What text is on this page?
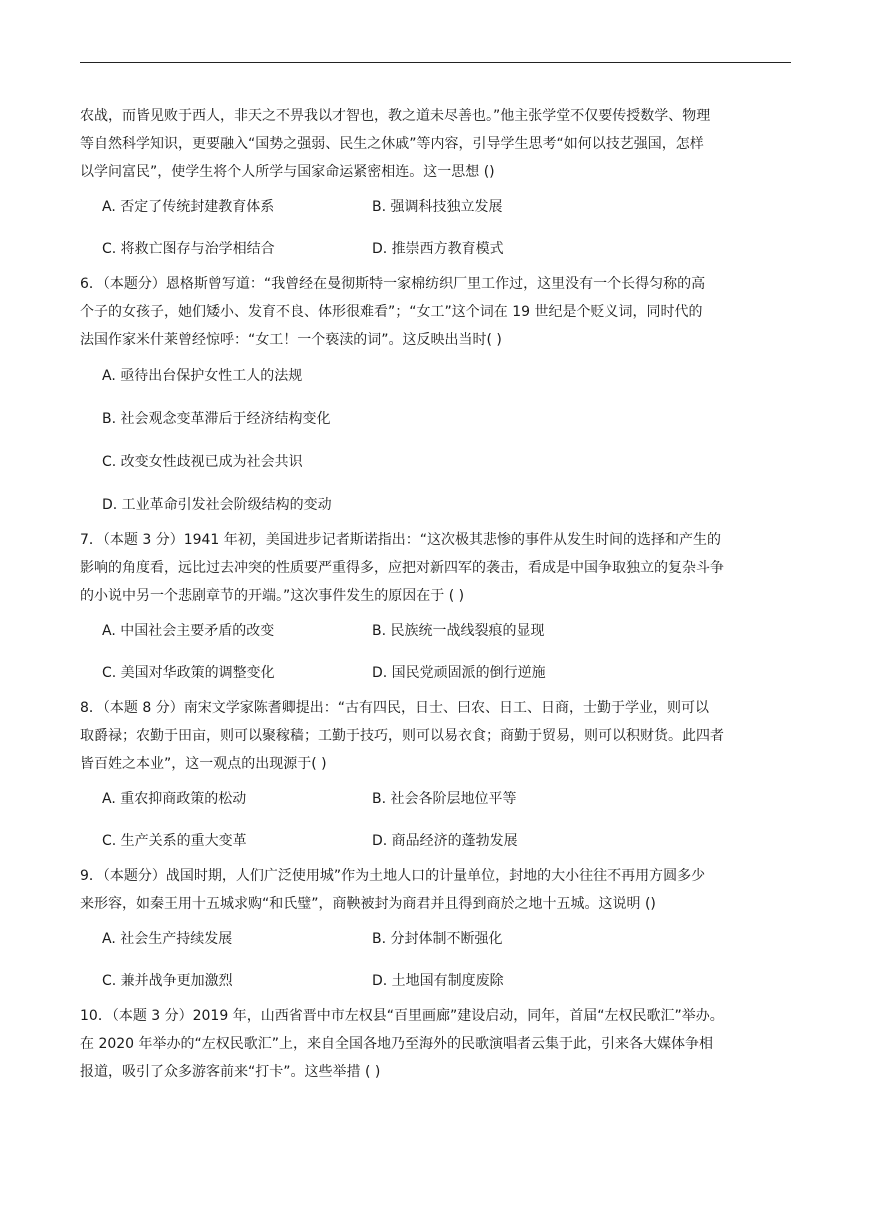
农战，而皆见败于西人，非天之不畀我以才智也，教之道未尽善也。”他主张学堂不仅要传授数学、物理
等自然科学知识，更要融入“国势之强弱、民生之休戚”等内容，引导学生思考“如何以技艺强国，怎样
以学问富民”，使学生将个人所学与国家命运紧密相连。这一思想 ()
A. 否定了传统封建教育体系	B. 强调科技独立发展
C. 将救亡图存与治学相结合	D. 推崇西方教育模式
6．（本题分）恩格斯曾写道：“我曾经在曼彻斯特一家棉纺织厂里工作过，这里没有一个长得匀称的高
个子的女孩子，她们矮小、发育不良、体形很难看”；“女工”这个词在 19 世纪是个贬义词，同时代的
法国作家米什莱曾经惊呼：“女工！一个亵渎的词”。这反映出当时( )
A. 亟待出台保护女性工人的法规
B. 社会观念变革滞后于经济结构变化
C. 改变女性歧视已成为社会共识
D. 工业革命引发社会阶级结构的变动
7．（本题 3 分）1941 年初，美国进步记者斯诺指出：“这次极其悲惨的事件从发生时间的选择和产生的
影响的角度看，远比过去冲突的性质要严重得多，应把对新四军的袭击，看成是中国争取独立的复杂斗争
的小说中另一个悲剧章节的开端。”这次事件发生的原因在于 ( )
A. 中国社会主要矛盾的改变	B. 民族统一战线裂痕的显现
C. 美国对华政策的调整变化	D. 国民党顽固派的倒行逆施
8．（本题 8 分）南宋文学家陈耆卿提出：“古有四民，日士、曰农、日工、日商，士勤于学业，则可以
取爵禄；农勤于田亩，则可以聚稼穑；工勤于技巧，则可以易衣食；商勤于贸易，则可以积财货。此四者
皆百姓之本业”，这一观点的出现源于( )
A. 重农抑商政策的松动	B. 社会各阶层地位平等
C. 生产关系的重大变革	D. 商品经济的蓬勃发展
9．（本题分）战国时期，人们广泛使用城”作为土地人口的计量单位，封地的大小往往不再用方圆多少
来形容，如秦王用十五城求购“和氏璧”，商鞅被封为商君并且得到商於之地十五城。这说明 ()
A. 社会生产持续发展	B. 分封体制不断强化
C. 兼并战争更加激烈	D. 土地国有制度废除
10．（本题 3 分）2019 年，山西省晋中市左权县“百里画廊”建设启动，同年，首届“左权民歌汇”举办。
在 2020 年举办的“左权民歌汇”上，来自全国各地乃至海外的民歌演唱者云集于此，引来各大媒体争相
报道，吸引了众多游客前来“打卡”。这些举措 ( )
